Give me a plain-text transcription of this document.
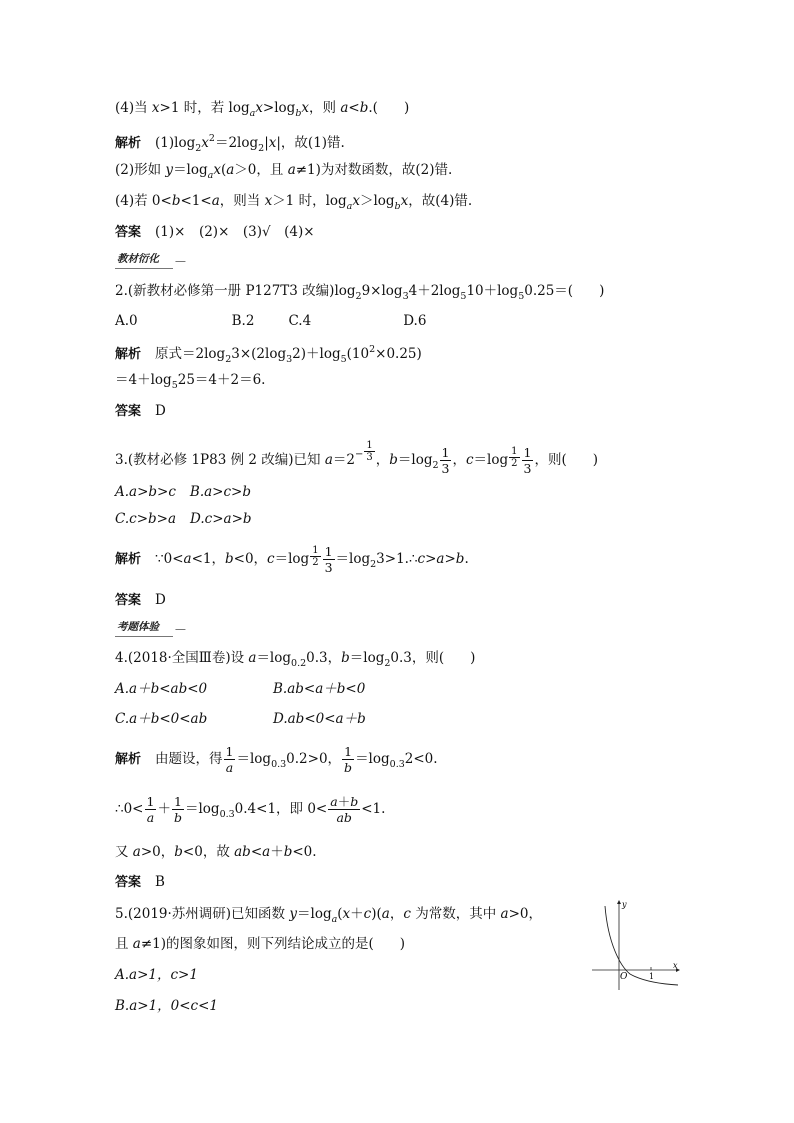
(4)当 x>1 时，若 $\log_ax>\log_bx$，则 a<b.( )
解析 $(1)\log_2x^2=2\log_2|x|$，故(1)错.
(2)形如 $y=\log_ax(a>0$，且 a≠1)为对数函数，故(2)错.
(4)若 0<b<1<a，则当 x＞1 时，$\log_ax>\log_bx$，故(4)错.
答案 (1)×　(2)×　(3)√　(4)×
教材衍化
2.(新教材必修第一册 P127T3 改编)$\log_29\times\log_34+2\log_510+\log_50.25=$( )
A.0	B.2	C.4	D.6
解析 原式$=2\log_23\times(2\log_32)+\log_5(10^2\times 0.25)$
$=4+\log_525=4+2=6$.
答案 D
3.(教材必修 1P83 例 2 改编)已知 $a=2^- \frac{1}{3}$ ，$b=\log_2 \frac{1}{3}$ ，$c=\log \frac{1}{2} \frac{1}{3}$ ，则( )
A.a>b>c B.a>c>b
C.c>b>a D.c>a>b
解析 ∵0<a<1，b<0，$c=\log \frac{1}{2} \frac{1}{3}$ $=\log_23>1.\therefore c>a>b$.
答案 D
考题体验
4.(2018·全国Ⅲ卷)设 $a=\log_{0.2}0.3$，$b=\log_20.3$，则( )
A.a＋b<ab<0	B.ab<a＋b<0
C.a＋b<0<ab	D.ab<0<a＋b
解析 由题设，得 $\frac{1}{a} =\log_{0.3}0.2>0$， $\frac{1}{b} =\log_{0.3}2<0$.
∴0< $\frac{1}{a} + \frac{1}{b} =\log_{0.3}0.4<1$，即 $0< \frac{a+b}{ab} <1$.
又 a>0，b<0，故 ab<a＋b<0.
答案 B
5.(2019·苏州调研)已知函数 $y=\log_a(x+c)(a$，c 为常数，其中 a>0，
且 a≠1)的图象如图，则下列结论成立的是( )
A.a>1，c>1
B.a>1，0<c<1
y
x
O	1
